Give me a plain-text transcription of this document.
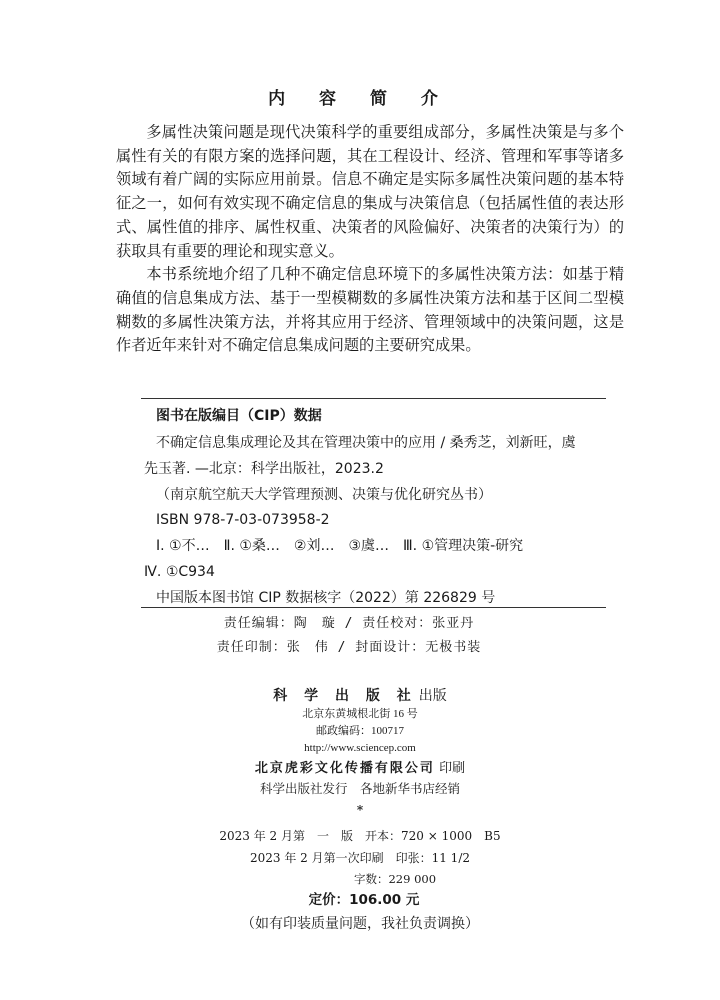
内 容 简 介

多属性决策问题是现代决策科学的重要组成部分，多属性决策是与多个属性有关的有限方案的选择问题，其在工程设计、经济、管理和军事等诸多领域有着广阔的实际应用前景。信息不确定是实际多属性决策问题的基本特征之一，如何有效实现不确定信息的集成与决策信息（包括属性值的表达形式、属性值的排序、属性权重、决策者的风险偏好、决策者的决策行为）的获取具有重要的理论和现实意义。

本书系统地介绍了几种不确定信息环境下的多属性决策方法：如基于精确值的信息集成方法、基于一型模糊数的多属性决策方法和基于区间二型模糊数的多属性决策方法，并将其应用于经济、管理领域中的决策问题，这是作者近年来针对不确定信息集成问题的主要研究成果。

图书在版编目（CIP）数据
不确定信息集成理论及其在管理决策中的应用 / 桑秀芝，刘新旺，虞
先玉著. —北京：科学出版社，2023.2
（南京航空航天大学管理预测、决策与优化研究丛书）
ISBN 978-7-03-073958-2
Ⅰ. ①不…　Ⅱ. ①桑…　②刘…　③虞…　Ⅲ. ①管理决策-研究
Ⅳ. ①C934
中国版本图书馆 CIP 数据核字（2022）第 226829 号
责任编辑：陶　璇 / 责任校对：张亚丹
责任印制：张　伟 / 封面设计：无极书装
科 学 出 版 社 出版
北京东黄城根北街 16 号
邮政编码：100717
http://www.sciencep.com
北京虎彩文化传播有限公司 印刷
科学出版社发行　各地新华书店经销
*
2023 年 2 月第　一　版　开本：720 × 1000　B5
2023 年 2 月第一次印刷　印张：11 1/2
字数：229 000
定价：106.00 元
（如有印装质量问题，我社负责调换）
